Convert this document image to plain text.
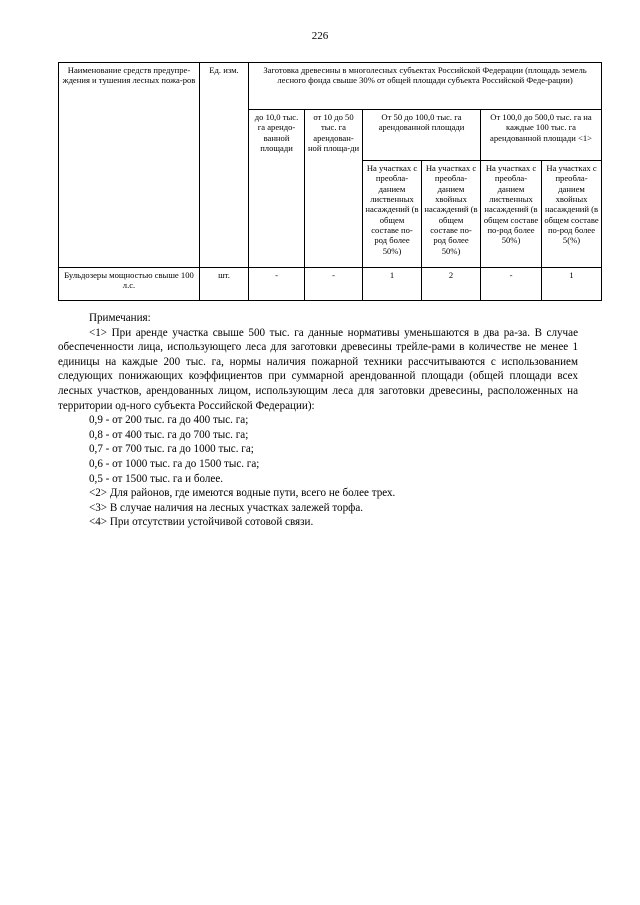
226
Наименование средств предупре-ждения и тушения лесных пожа-ров	Ед. изм.	Заготовка древесины в многолесных субъектах Российской Федерации (площадь земель лесного фонда свыше 30% от общей площади субъекта Российской Феде-рации)					
		до 10,0 тыс. га арендо-ванной площади	от 10 до 50 тыс. га арендован-ной площа-ди	От 50 до 100,0 тыс. га арендованной площади		От 100,0 до 500,0 тыс. га на каждые 100 тыс. га арендованной площади <1>	
				На участках с преобла-данием лиственных насаждений (в общем составе по-род более 50%)	На участках с преобла-данием хвойных насаждений (в общем составе по-род более 50%)	На участках с преобла-данием лиственных насаждений (в общем составе по-род более 50%)	На участках с преобла-данием хвойных насаждений (в общем составе по-род более 5(%)
Бульдозеры мощностью свыше 100 л.с.	шт.	-	-	1	2	-	1

Примечания:

<1> При аренде участка свыше 500 тыс. га данные нормативы уменьшаются в два ра-за. В случае обеспеченности лица, использующего леса для заготовки древесины трейле-рами в количестве не менее 1 единицы на каждые 200 тыс. га, нормы наличия пожарной техники рассчитываются с использованием следующих понижающих коэффициентов при суммарной арендованной площади (общей площади всех лесных участков, арендованных лицом, использующим леса для заготовки древесины, расположенных на территории од-ного субъекта Российской Федерации):

0,9 - от 200 тыс. га до 400 тыс. га;

0,8 - от 400 тыс. га до 700 тыс. га;

0,7 - от 700 тыс. га до 1000 тыс. га;

0,6 - от 1000 тыс. га до 1500 тыс. га;

0,5 - от 1500 тыс. га и более.

<2> Для районов, где имеются водные пути, всего не более трех.

<3> В случае наличия на лесных участках залежей торфа.

<4> При отсутствии устойчивой сотовой связи.
